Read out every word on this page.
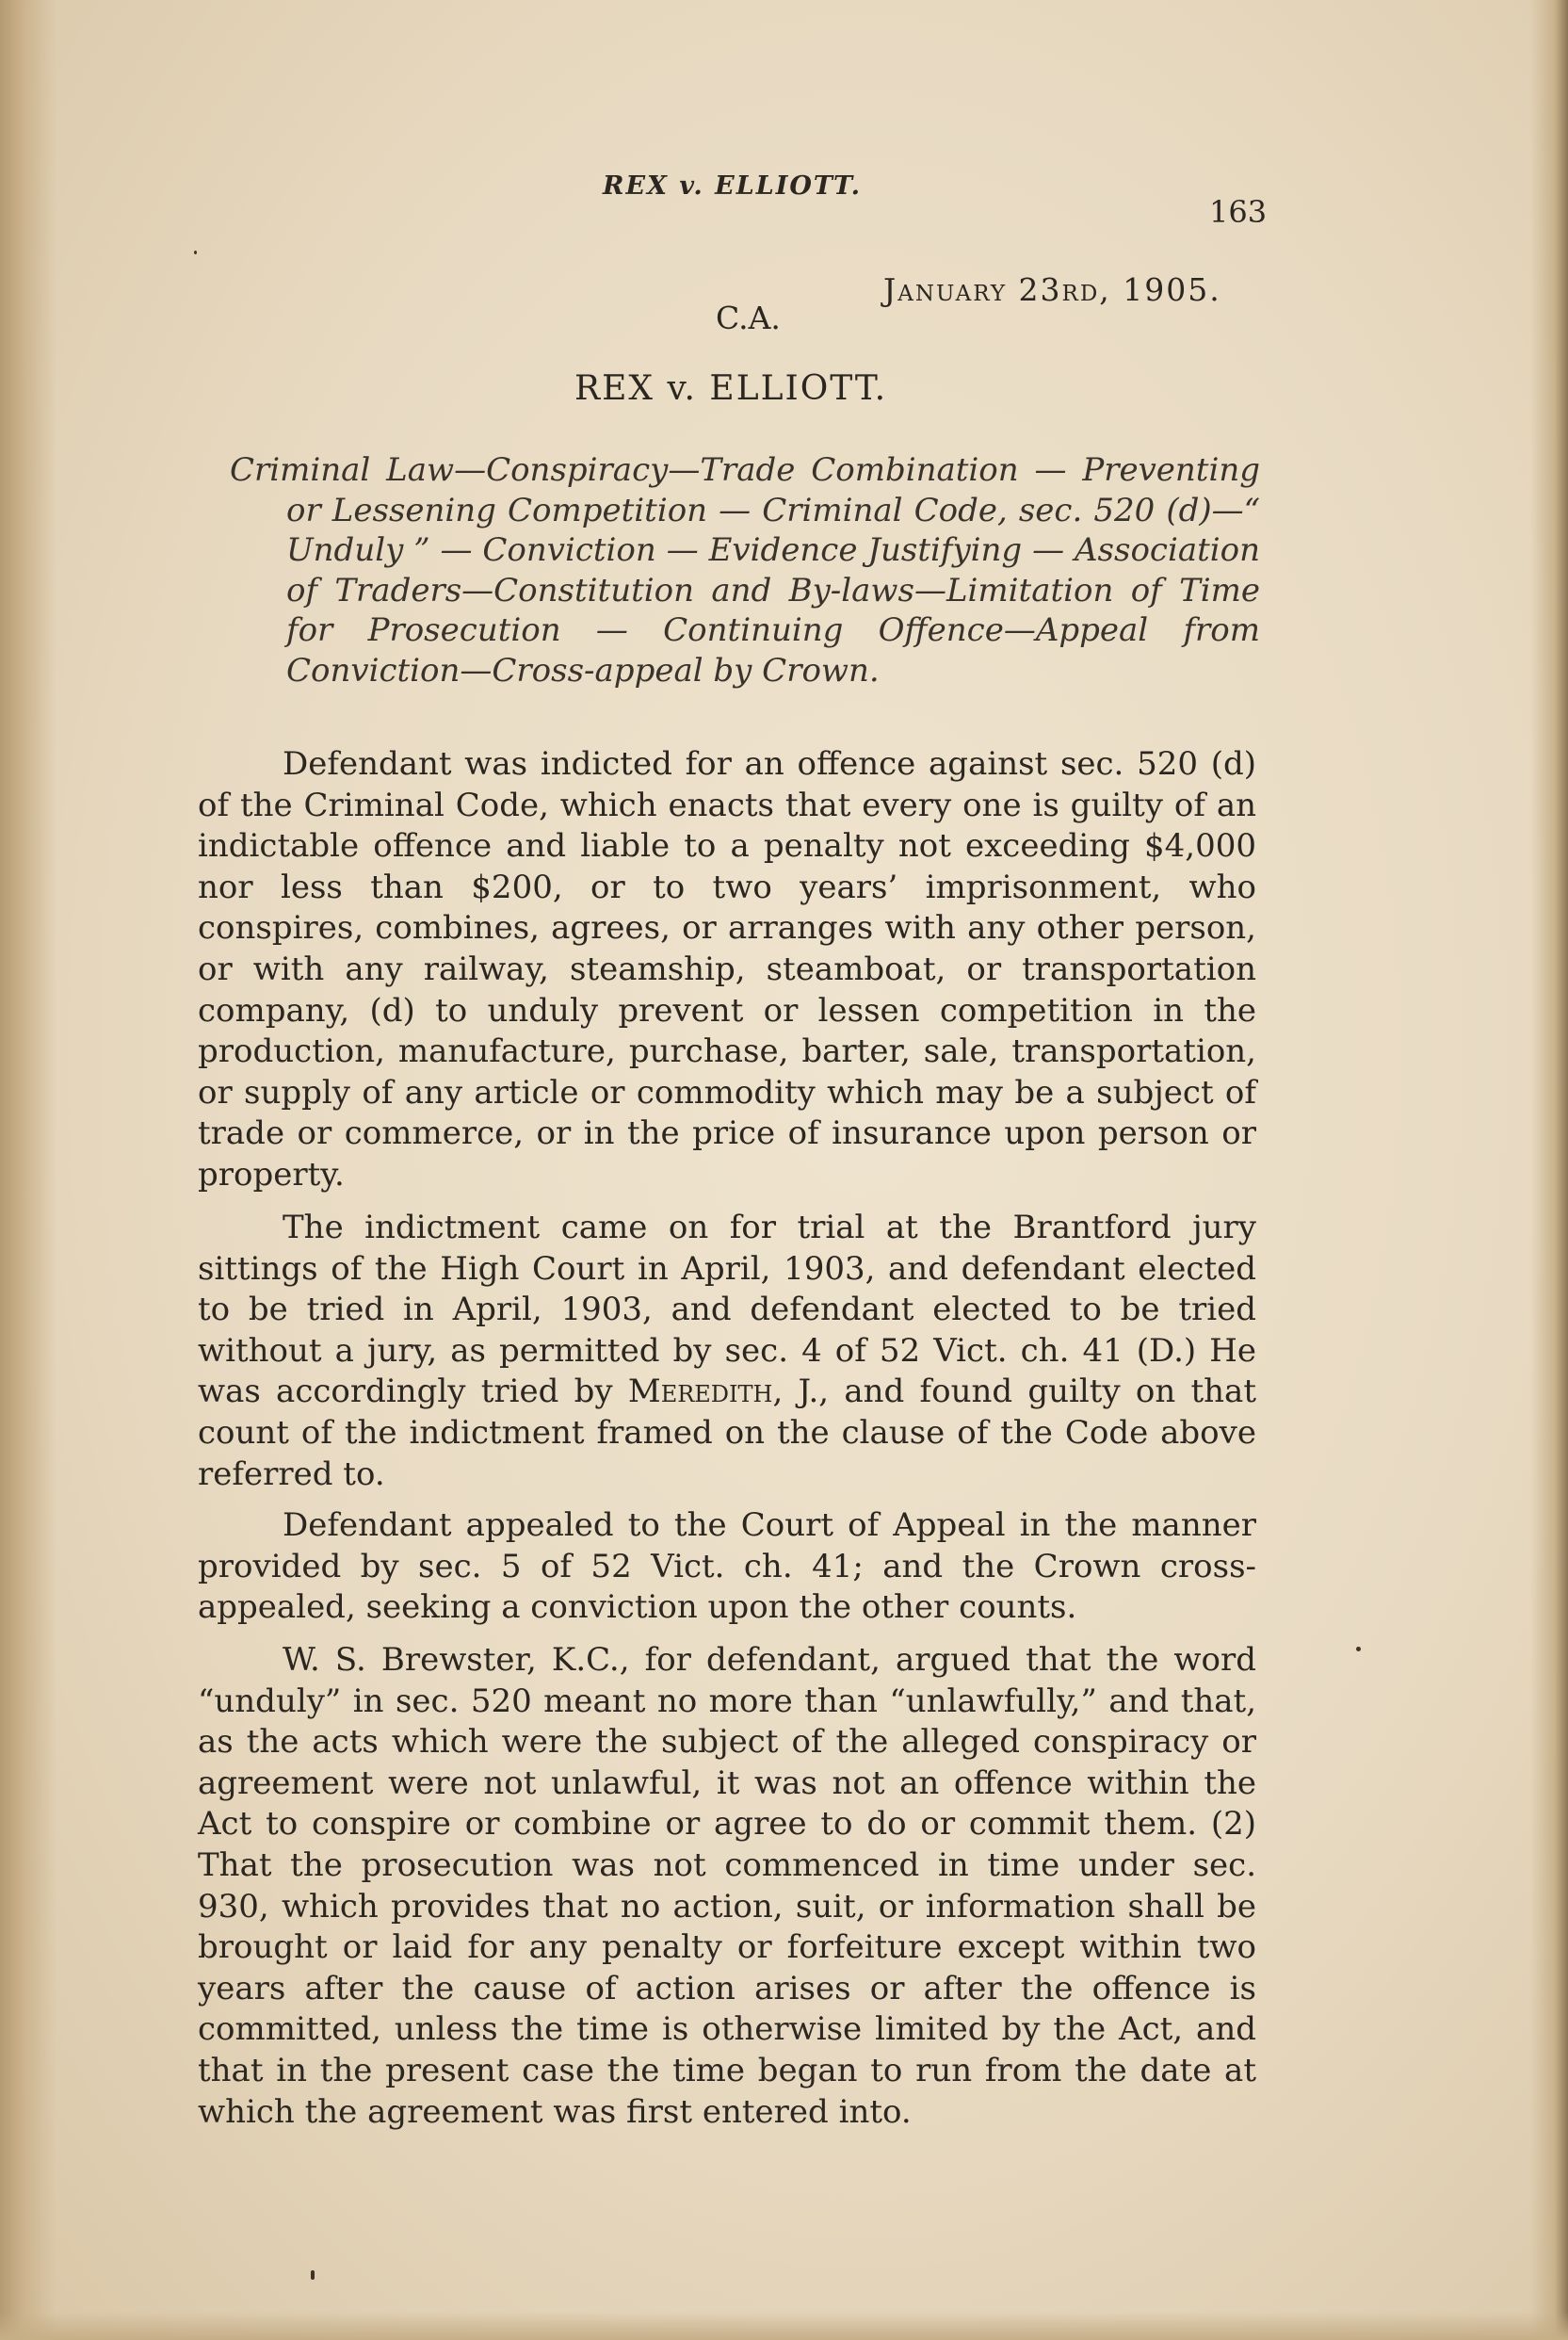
REX v. ELLIOTT.
163
January 23rd, 1905.
C.A.
REX v. ELLIOTT.
Criminal Law—Conspiracy—Trade Combination — Preventing or Lessening Competition — Criminal Code, sec. 520 (d)—“ Unduly ” — Conviction — Evidence Justifying — Association of Traders—Constitution and By-laws—Limitation of Time for Prosecution — Continuing Offence—Appeal from Conviction—Cross-appeal by Crown.

Defendant was indicted for an offence against sec. 520 (d) of the Criminal Code, which enacts that every one is guilty of an indictable offence and liable to a penalty not exceeding $4,000 nor less than $200, or to two years’ imprisonment, who conspires, combines, agrees, or arranges with any other person, or with any railway, steamship, steamboat, or transportation company, (d) to unduly prevent or lessen competition in the production, manufacture, purchase, barter, sale, transportation, or supply of any article or commodity which may be a subject of trade or commerce, or in the price of insurance upon person or property.

The indictment came on for trial at the Brantford jury sittings of the High Court in April, 1903, and defendant elected to be tried in April, 1903, and defendant elected to be tried without a jury, as permitted by sec. 4 of 52 Vict. ch. 41 (D.) He was accordingly tried by Meredith, J., and found guilty on that count of the indictment framed on the clause of the Code above referred to.

Defendant appealed to the Court of Appeal in the manner provided by sec. 5 of 52 Vict. ch. 41; and the Crown cross-appealed, seeking a conviction upon the other counts.

W. S. Brewster, K.C., for defendant, argued that the word “unduly” in sec. 520 meant no more than “unlawfully,” and that, as the acts which were the subject of the alleged conspiracy or agreement were not unlawful, it was not an offence within the Act to conspire or combine or agree to do or commit them. (2) That the prosecution was not commenced in time under sec. 930, which provides that no action, suit, or information shall be brought or laid for any penalty or forfeiture except within two years after the cause of action arises or after the offence is committed, unless the time is otherwise limited by the Act, and that in the present case the time began to run from the date at which the agreement was first entered into.
